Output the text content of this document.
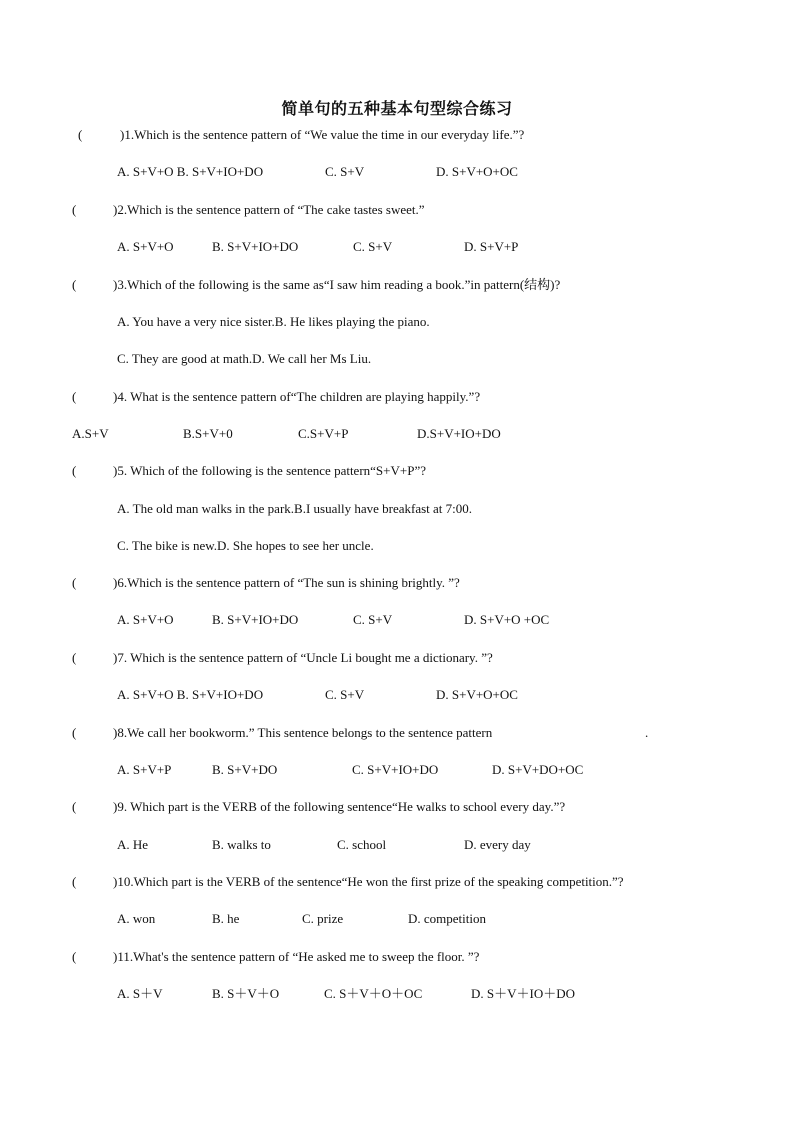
简单句的五种基本句型综合练习
(	)1.Which is the sentence pattern of “We value the time in our everyday life.”?
A. S+V+O B. S+V+IO+DO	C. S+V	D. S+V+O+OC
(	)2.Which is the sentence pattern of “The cake tastes sweet.”
A. S+V+O	B. S+V+IO+DO	C. S+V	D. S+V+P
(	)3.Which of the following is the same as“I saw him reading a book.”in pattern(结构)?
A. You have a very nice sister.B. He likes playing the piano.
C. They are good at math.D. We call her Ms Liu.
(	)4. What is the sentence pattern of“The children are playing happily.”?
A.S+V	B.S+V+0	C.S+V+P	D.S+V+IO+DO
(	)5. Which of the following is the sentence pattern“S+V+P”?
A. The old man walks in the park.B.I usually have breakfast at 7:00.
C. The bike is new.D. She hopes to see her uncle.
(	)6.Which is the sentence pattern of “The sun is shining brightly. ”?
A. S+V+O	B. S+V+IO+DO	C. S+V	D. S+V+O +OC
(	)7. Which is the sentence pattern of “Uncle Li bought me a dictionary. ”?
A. S+V+O B. S+V+IO+DO	C. S+V	D. S+V+O+OC
(	)8.We call her bookworm.” This sentence belongs to the sentence pattern	.
A. S+V+P	B. S+V+DO	C. S+V+IO+DO	D. S+V+DO+OC
(	)9. Which part is the VERB of the following sentence“He walks to school every day.”?
A. He	B. walks to	C. school	D. every day
(	)10.Which part is the VERB of the sentence“He won the first prize of the speaking competition.”?
A. won	B. he	C. prize	D. competition
(	)11.What's the sentence pattern of “He asked me to sweep the floor. ”?
A. S＋V	B. S＋V＋O	C. S＋V＋O＋OC	D. S＋V＋IO＋DO
